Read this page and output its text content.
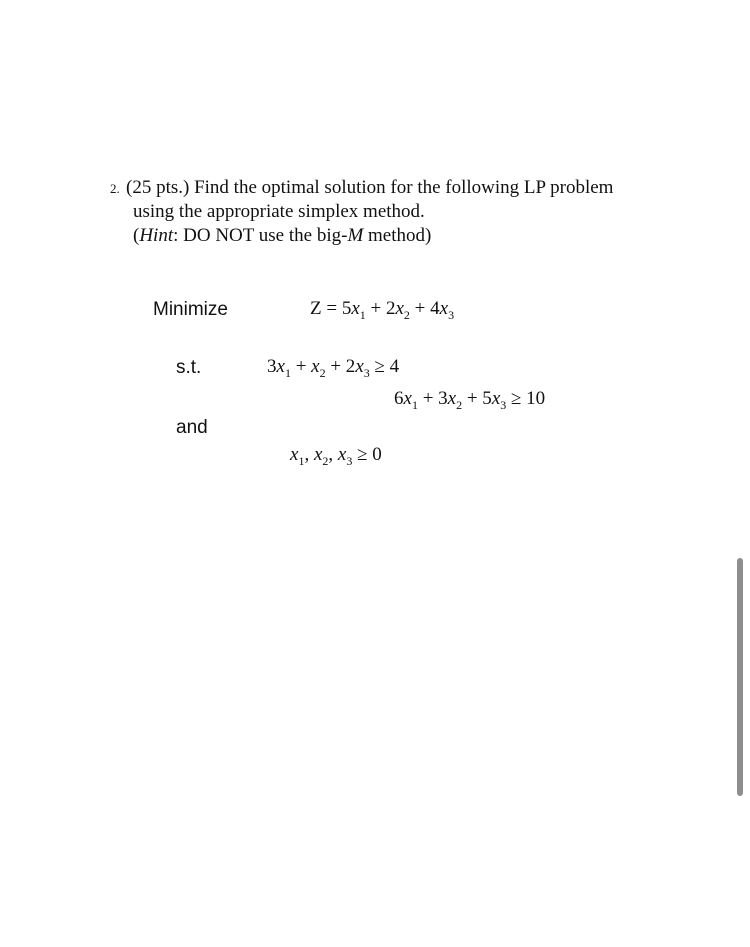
2. (25 pts.) Find the optimal solution for the following LP problem
using the appropriate simplex method.
(Hint: DO NOT use the big-M method)
Minimize
s.t.
and
$Z = 5x_1 + 2x_2 + 4x_3$
$3x_1 + x_2 + 2x_3 \ge 4$
$6x_1 + 3x_2 + 5x_3 \ge 10$
$x_1$, $x_2$, $x_3 \ge 0$
